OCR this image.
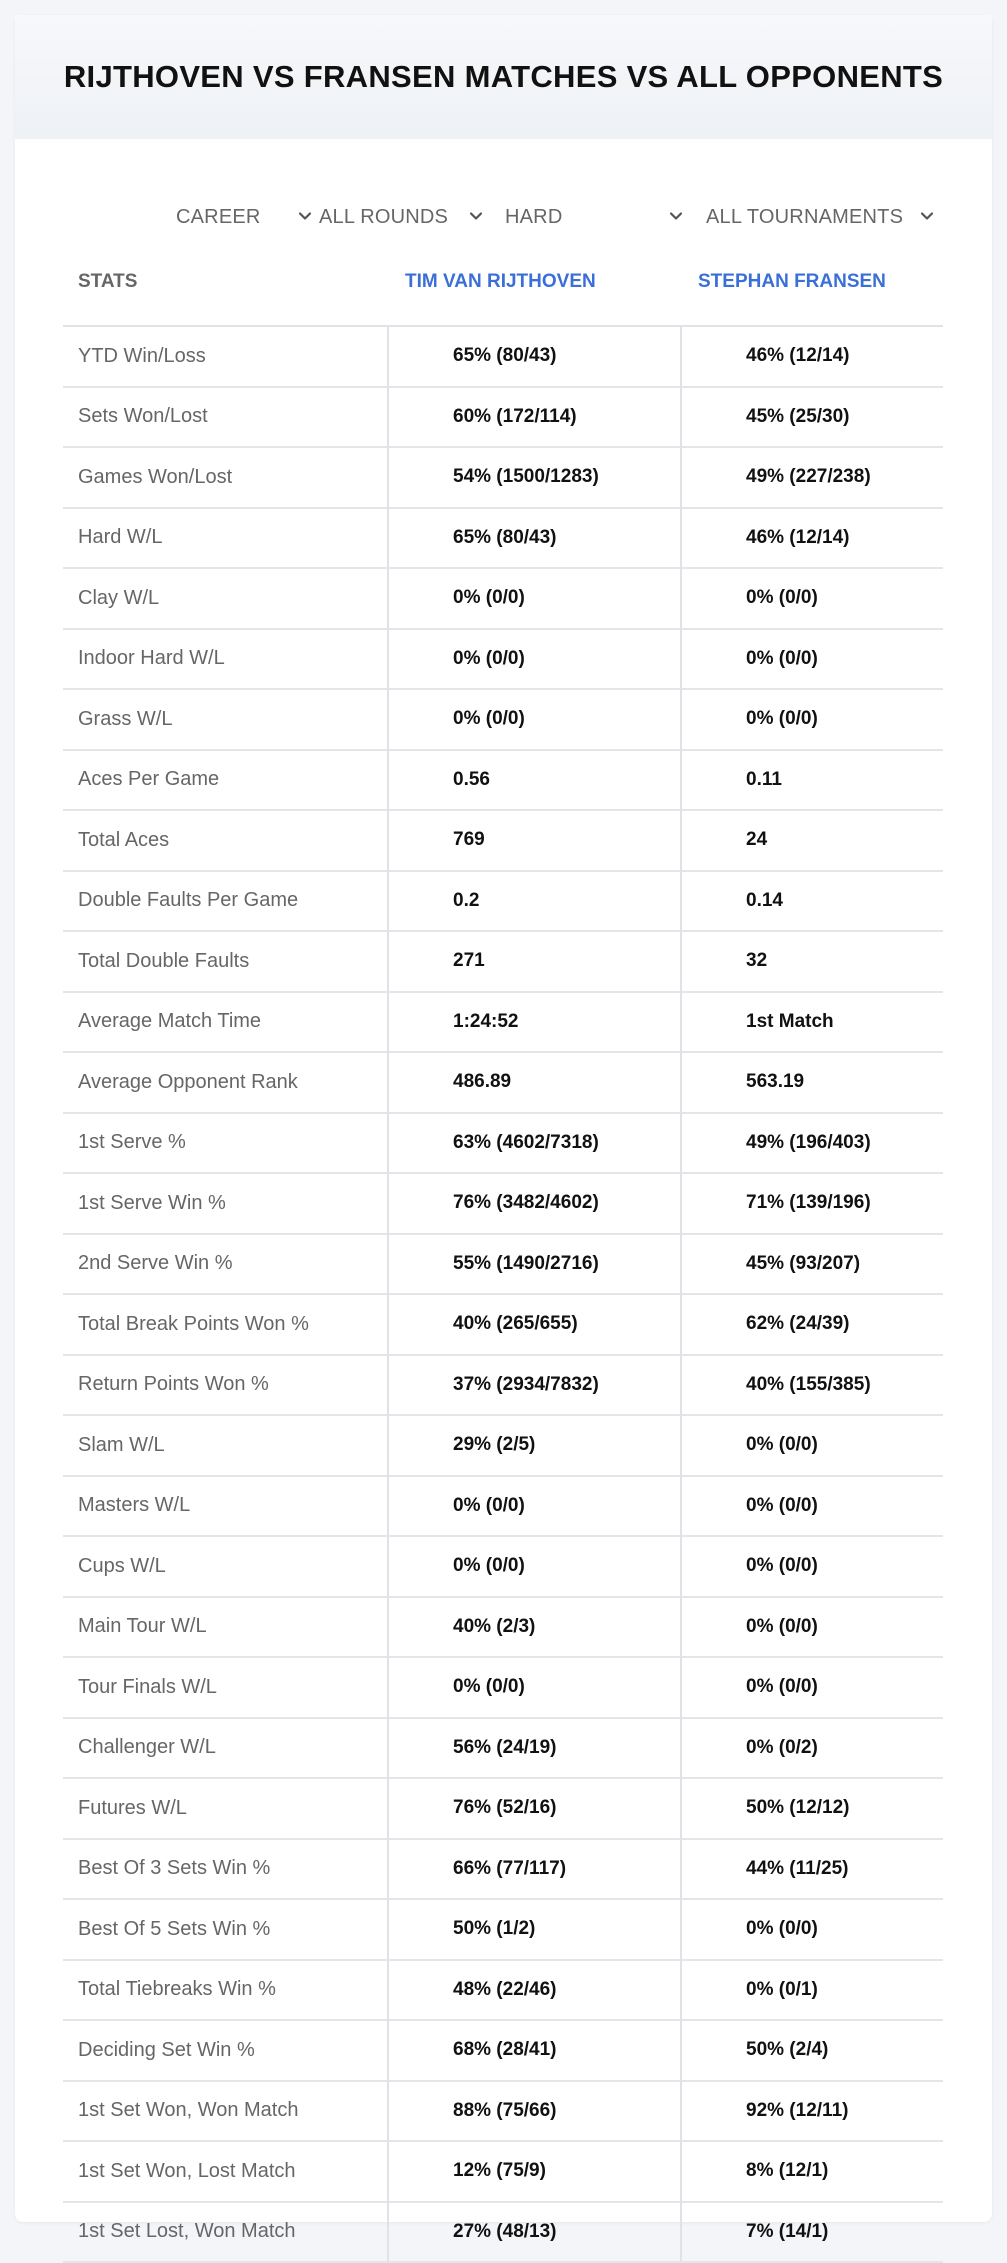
RIJTHOVEN VS FRANSEN MATCHES VS ALL OPPONENTS
CAREER	ALL ROUNDS	HARD	ALL TOURNAMENTS
STATS	TIM VAN RIJTHOVEN	STEPHAN FRANSEN
YTD Win/Loss	65% (80/43)	46% (12/14)
Sets Won/Lost	60% (172/114)	45% (25/30)
Games Won/Lost	54% (1500/1283)	49% (227/238)
Hard W/L	65% (80/43)	46% (12/14)
Clay W/L	0% (0/0)	0% (0/0)
Indoor Hard W/L	0% (0/0)	0% (0/0)
Grass W/L	0% (0/0)	0% (0/0)
Aces Per Game	0.56	0.11
Total Aces	769	24
Double Faults Per Game	0.2	0.14
Total Double Faults	271	32
Average Match Time	1:24:52	1st Match
Average Opponent Rank	486.89	563.19
1st Serve %	63% (4602/7318)	49% (196/403)
1st Serve Win %	76% (3482/4602)	71% (139/196)
2nd Serve Win %	55% (1490/2716)	45% (93/207)
Total Break Points Won %	40% (265/655)	62% (24/39)
Return Points Won %	37% (2934/7832)	40% (155/385)
Slam W/L	29% (2/5)	0% (0/0)
Masters W/L	0% (0/0)	0% (0/0)
Cups W/L	0% (0/0)	0% (0/0)
Main Tour W/L	40% (2/3)	0% (0/0)
Tour Finals W/L	0% (0/0)	0% (0/0)
Challenger W/L	56% (24/19)	0% (0/2)
Futures W/L	76% (52/16)	50% (12/12)
Best Of 3 Sets Win %	66% (77/117)	44% (11/25)
Best Of 5 Sets Win %	50% (1/2)	0% (0/0)
Total Tiebreaks Win %	48% (22/46)	0% (0/1)
Deciding Set Win %	68% (28/41)	50% (2/4)
1st Set Won, Won Match	88% (75/66)	92% (12/11)
1st Set Won, Lost Match	12% (75/9)	8% (12/1)
1st Set Lost, Won Match	27% (48/13)	7% (14/1)
